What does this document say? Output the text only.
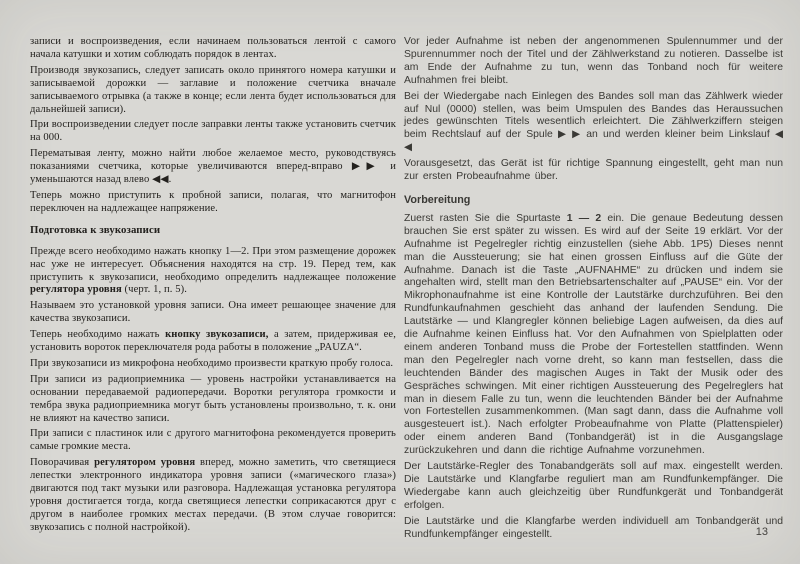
записи и воспроизведения, если начинаем пользоваться лентой с самого начала катушки и хотим соблюдать порядок в лентах.

Производя звукозапись, следует записать около принятого номера катушки и записываемой дорожки — заглавие и положение счетчика вначале записываемого отрывка (а также в конце; если лента будет использоваться для дальнейшей записи).

При воспроизведении следует после заправки ленты также установить счетчик на 000.

Перематывая ленту, можно найти любое желаемое место, руководствуясь показаниями счетчика, которые увеличиваются вперед-вправо ▶▶ и уменьшаются назад влево ◀◀.

Теперь можно приступить к пробной записи, полагая, что магнитофон переключен на надлежащее напряжение.

Подготовка к звукозаписи

Прежде всего необходимо нажать кнопку 1—2. При этом размещение дорожек нас уже не интересует. Объяснения находятся на стр. 19. Перед тем, как приступить к звукозаписи, необходимо определить надлежащее положение регулятора уровня (черт. 1, п. 5).

Называем это установкой уровня записи. Она имеет решающее значение для качества звукозаписи.

Теперь необходимо нажать кнопку звукозаписи, а затем, придерживая ее, установить вороток переключателя рода работы в положение „PAUZA“.

При звукозаписи из микрофона необходимо произвести краткую пробу голоса.

При записи из радиоприемника — уровень настройки устанавливается на основании передаваемой радиопередачи. Воротки регулятора громкости и тембра звука радиоприемника могут быть установлены произвольно, т. к. они не влияют на качество записи.

При записи с пластинок или с другого магнитофона рекомендуется проверить самые громкие места.

Поворачивая регулятором уровня вперед, можно заметить, что светящиеся лепестки электронного индикатора уровня записи («магического глаза») двигаются под такт музыки или разговора. Надлежащая установка регулятора уровня достигается тогда, когда светящиеся лепестки соприкасаются друг с другом в наиболее громких местах передачи. (В этом случае говорится: звукозапись с полной настройкой).

Vor jeder Aufnahme ist neben der angenommenen Spulennummer und der Spurennummer noch der Titel und der Zählwerkstand zu notieren. Dasselbe ist am Ende der Aufnahme zu tun, wenn das Tonband noch für weitere Aufnahmen frei bleibt.

Bei der Wiedergabe nach Einlegen des Bandes soll man das Zählwerk wieder auf Nul (0000) stellen, was beim Umspulen des Bandes das Heraussuchen jedes gewünschten Titels wesentlich erleichtert. Die Zählwerkziffern steigen beim Rechtslauf auf der Spule ▶ ▶ an und werden kleiner beim Linkslauf ◀ ◀

Vorausgesetzt, das Gerät ist für richtige Spannung eingestellt, geht man nun zur ersten Probeaufnahme über.

Vorbereitung

Zuerst rasten Sie die Spurtaste 1 — 2 ein. Die genaue Bedeutung dessen brauchen Sie erst später zu wissen. Es wird auf der Seite 19 erklärt. Vor der Aufnahme ist Pegelregler richtig einzustellen (siehe Abb. 1P5) Dieses nennt man die Aussteuerung; sie hat einen grossen Einfluss auf die Güte der Aufnahme. Danach ist die Taste „AUFNAHME“ zu drücken und indem sie angehalten wird, stellt man den Betriebsartenschalter auf „PAUSE“ ein. Vor der Mikrophonaufnahme ist eine Kontrolle der Lautstärke durchzuführen. Bei den Rundfunkaufnahmen geschieht das anhand der laufenden Sendung. Die Lautstärke — und Klangregler können beliebige Lagen aufweisen, da dies auf die Aufnahme keinen Einfluss hat. Vor den Aufnahmen von Spielplatten oder einem anderen Tonband muss die Probe der Fortestellen stattfinden. Wenn man den Pegelregler nach vorne dreht, so kann man festsellen, dass die leuchtenden Bänder des magischen Auges in Takt der Musik oder des Gespräches schwingen. Mit einer richtigen Aussteuerung des Pegelreglers hat man in diesem Falle zu tun, wenn die leuchtenden Bänder bei der Aufnahme von Fortestellen zusammenkommen. (Man sagt dann, dass die Aufnahme voll ausgesteuert ist.). Nach erfolgter Probeaufnahme von Platte (Plattenspieler) oder einem anderen Band (Tonbandgerät) ist in die Ausgangslage zurückzukehren und dann die richtige Aufnahme vorzunehmen.

Der Lautstärke-Regler des Tonabandgeräts soll auf max. eingestellt werden. Die Lautstärke und Klangfarbe reguliert man am Rundfunkempfänger. Die Wiedergabe kann auch gleichzeitig über Rundfunkgerät und Tonbandgerät erfolgen.

Die Lautstärke und die Klangfarbe werden individuell am Tonbandgerät und Rundfunkempfänger eingestellt.	13
